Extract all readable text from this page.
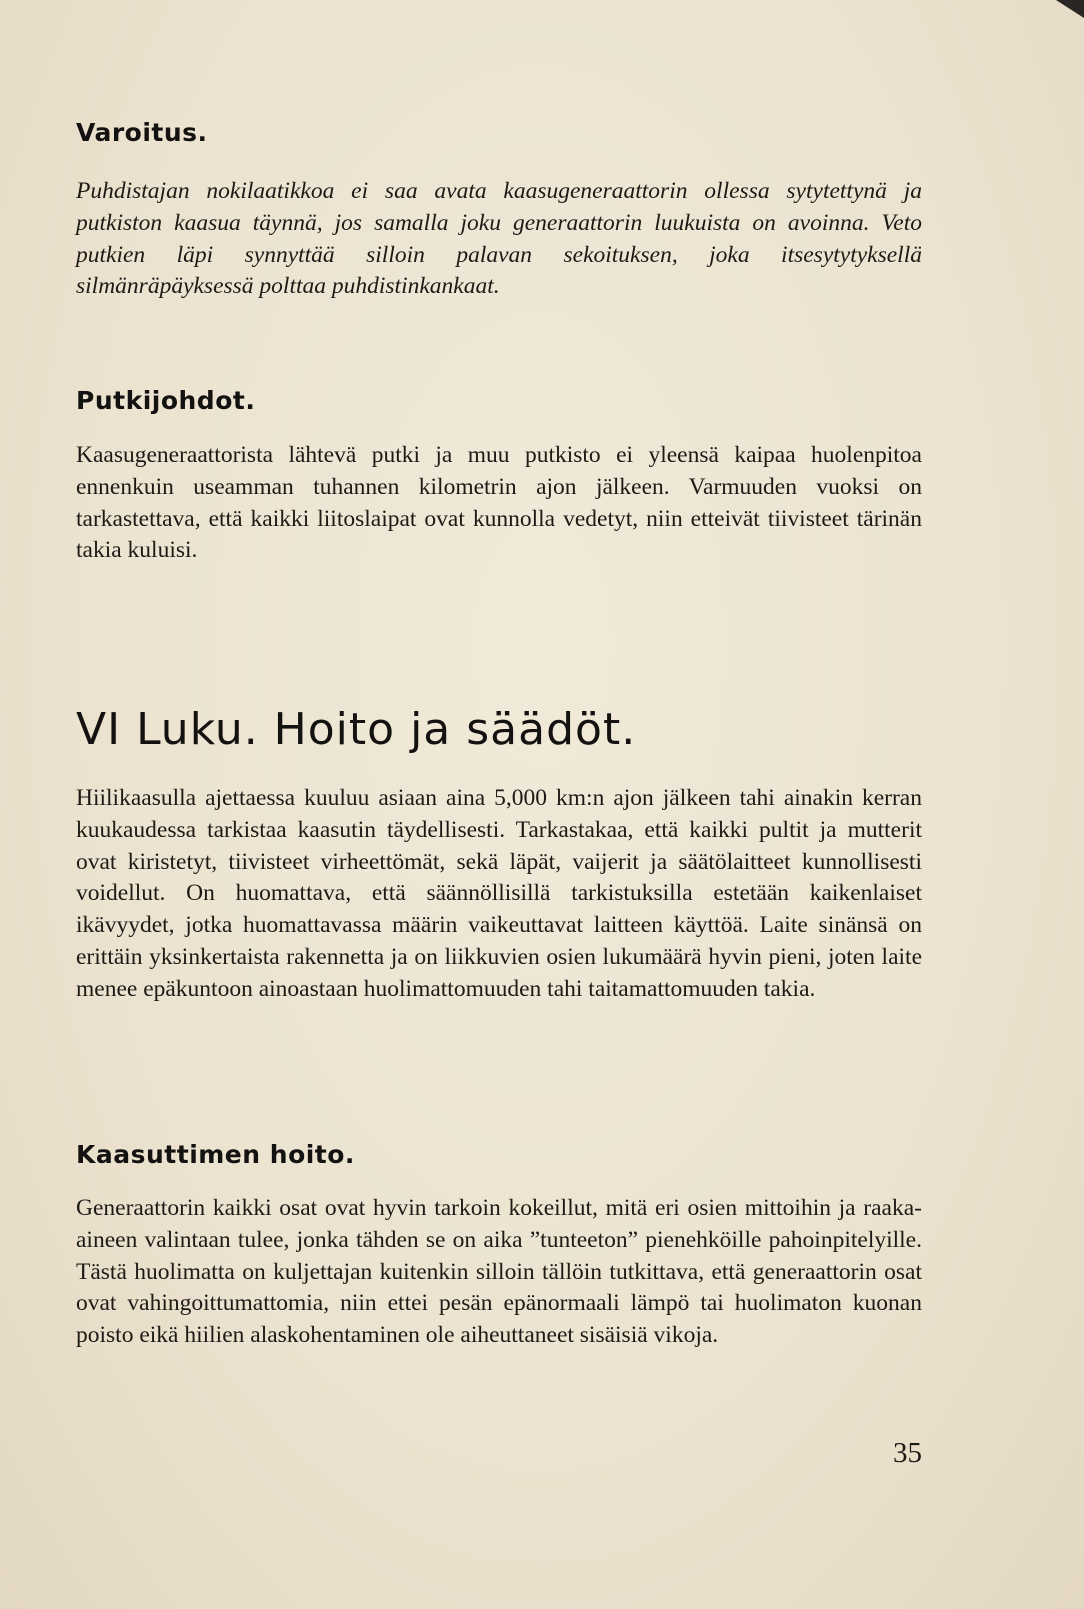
Varoitus.

Puhdistajan nokilaatikkoa ei saa avata kaasugeneraattorin ollessa sytytettynä ja putkiston kaasua täynnä, jos samalla joku generaattorin luukuista on avoinna. Veto putkien läpi synnyttää silloin palavan sekoituksen, joka itsesytytyksellä silmänräpäyksessä polttaa puhdistinkankaat.

Putkijohdot.

Kaasugeneraattorista lähtevä putki ja muu putkisto ei yleensä kaipaa huolenpitoa ennenkuin useamman tuhannen kilometrin ajon jälkeen. Varmuuden vuoksi on tarkastettava, että kaikki liitoslaipat ovat kunnolla vedetyt, niin etteivät tiivisteet tärinän takia kuluisi.

VI Luku. Hoito ja säädöt.

Hiilikaasulla ajettaessa kuuluu asiaan aina 5,000 km:n ajon jälkeen tahi ainakin kerran kuukaudessa tarkistaa kaasutin täydellisesti. Tarkastakaa, että kaikki pultit ja mutterit ovat kiristetyt, tiivisteet virheettömät, sekä läpät, vaijerit ja säätölaitteet kunnollisesti voidellut. On huomattava, että säännöllisillä tarkistuksilla estetään kaikenlaiset ikävyydet, jotka huomattavassa määrin vaikeuttavat laitteen käyttöä. Laite sinänsä on erittäin yksinkertaista rakennetta ja on liikkuvien osien lukumäärä hyvin pieni, joten laite menee epäkuntoon ainoastaan huolimattomuuden tahi taitamattomuuden takia.

Kaasuttimen hoito.

Generaattorin kaikki osat ovat hyvin tarkoin kokeillut, mitä eri osien mittoihin ja raaka-aineen valintaan tulee, jonka tähden se on aika ”tunteeton” pienehköille pahoinpitelyille. Tästä huolimatta on kuljettajan kuitenkin silloin tällöin tutkittava, että generaattorin osat ovat vahingoittumattomia, niin ettei pesän epänormaali lämpö tai huolimaton kuonan poisto eikä hiilien alaskohentaminen ole aiheuttaneet sisäisiä vikoja.

35
